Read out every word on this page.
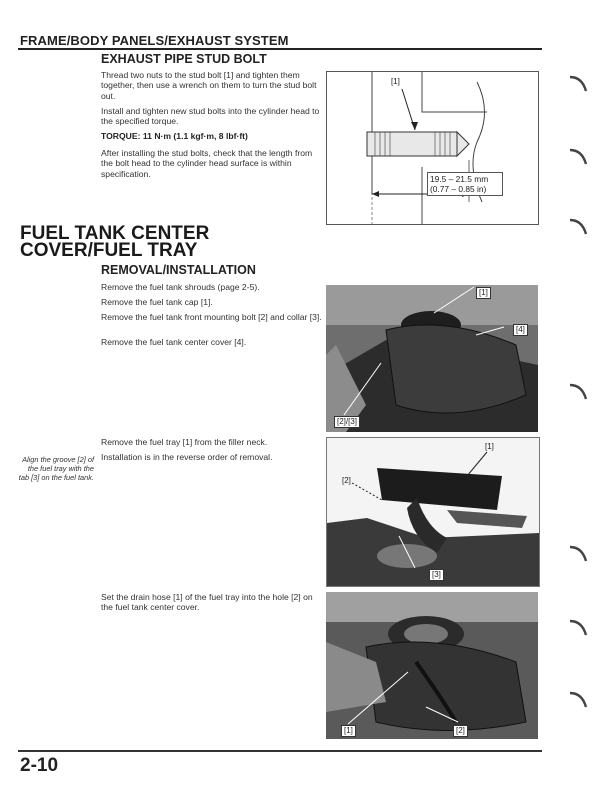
FRAME/BODY PANELS/EXHAUST SYSTEM
EXHAUST PIPE STUD BOLT
Thread two nuts to the stud bolt [1] and tighten them together, then use a wrench on them to turn the stud bolt out.
Install and tighten new stud bolts into the cylinder head to the specified torque.
TORQUE: 11 N·m (1.1 kgf·m, 8 lbf·ft)
After installing the stud bolts, check that the length from the bolt head to the cylinder head surface is within specification.
[1]
19.5 – 21.5 mm
(0.77 – 0.85 in)
FUEL TANK CENTER COVER/FUEL TRAY
REMOVAL/INSTALLATION
Remove the fuel tank shrouds (page 2-5).
Remove the fuel tank cap [1].
Remove the fuel tank front mounting bolt [2] and collar [3].
Remove the fuel tank center cover [4].
[1]
[4]
[2]/[3]
Remove the fuel tray [1] from the filler neck.
Installation is in the reverse order of removal.
Align the groove [2] of the fuel tray with the tab [3] on the fuel tank.
[1]
[2]
[3]
Set the drain hose [1] of the fuel tray into the hole [2] on the fuel tank center cover.
[1]	[2]
2-10
